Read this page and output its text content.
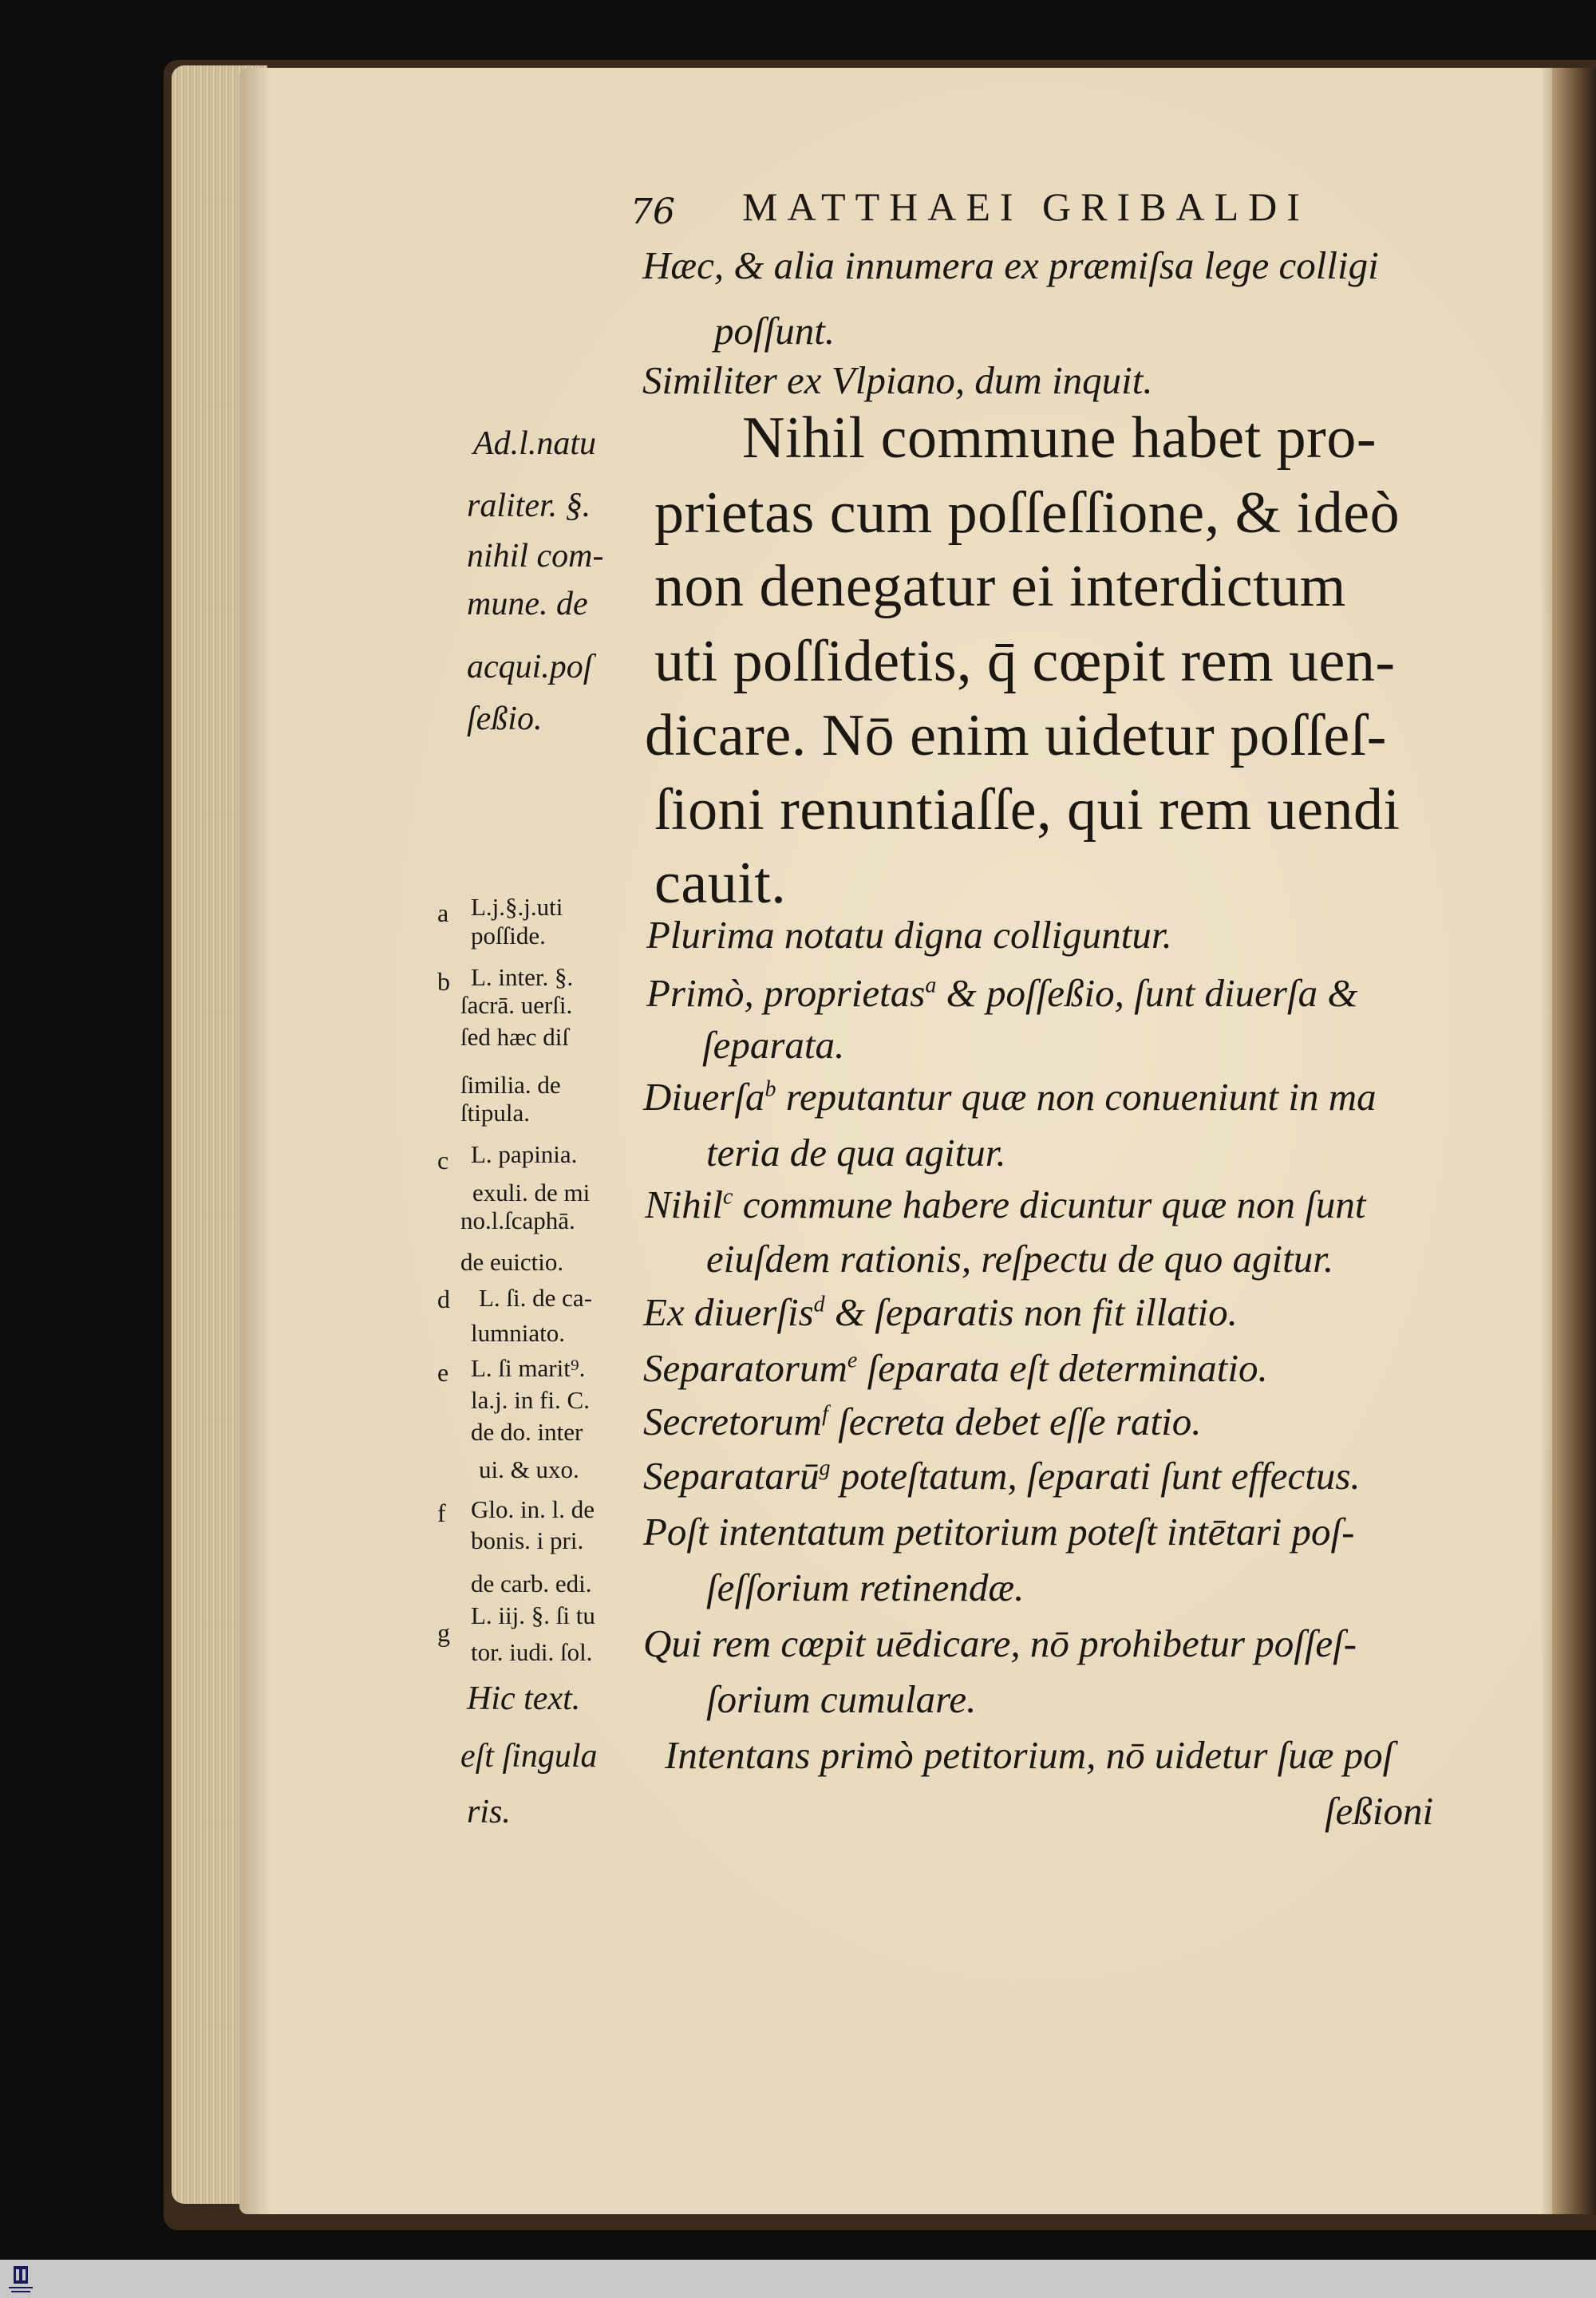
76 MATTHAEI GRIBALDI

Hæc, & alia innumera ex præmiſsa lege colligi

poſſunt.

Similiter ex Vlpiano, dum inquit.

Nihil commune habet pro-

prietas cum poſſeſſione, & ideò

non denegatur ei interdictum

uti poſſidetis, q̄ cœpit rem uen-

dicare. Nō enim uidetur poſſeſ-

ſioni renuntiaſſe, qui rem uendi

cauit.

Ad.l.natu

raliter. §.

nihil com-

mune. de

acqui.poſ

ſeßio.

Plurima notatu digna colliguntur.

Primò, proprietas$^a$ & poſſeßio, ſunt diuerſa &

ſeparata.

Diuerſa$^b$ reputantur quæ non conueniunt in ma

teria de qua agitur.

Nihil$^c$ commune habere dicuntur quæ non ſunt

eiuſdem rationis, reſpectu de quo agitur.

Ex diuerſis$^d$ & ſeparatis non fit illatio.

Separatorum$^e$ ſeparata eſt determinatio.

Secretorum$^f$ ſecreta debet eſſe ratio.

Separatarū$^g$ poteſtatum, ſeparati ſunt effectus.

Poſt intentatum petitorium poteſt intētari poſ-

ſeſſorium retinendæ.

Qui rem cœpit uēdicare, nō prohibetur poſſeſ-

ſorium cumulare.

Intentans primò petitorium, nō uidetur ſuæ poſ

ſeßioni

a L.j.§.j.uti
poſſide.
b L. inter. §.
ſacrā. uerſi.
ſed hæc diſ
ſimilia. de
ſtipula.
c L. papinia.
exuli. de mi
no.l.ſcaphā.
de euictio.
d L. ſi. de ca-
lumniato.
e L. ſi marit⁹.
la.j. in fi. C.
de do. inter
ui. & uxo.
f Glo. in. l. de
bonis. i pri.
de carb. edi.
g
L. iij. §. ſi tu
tor. iudi. ſol.

Hic text.

eſt ſingula

ris.
